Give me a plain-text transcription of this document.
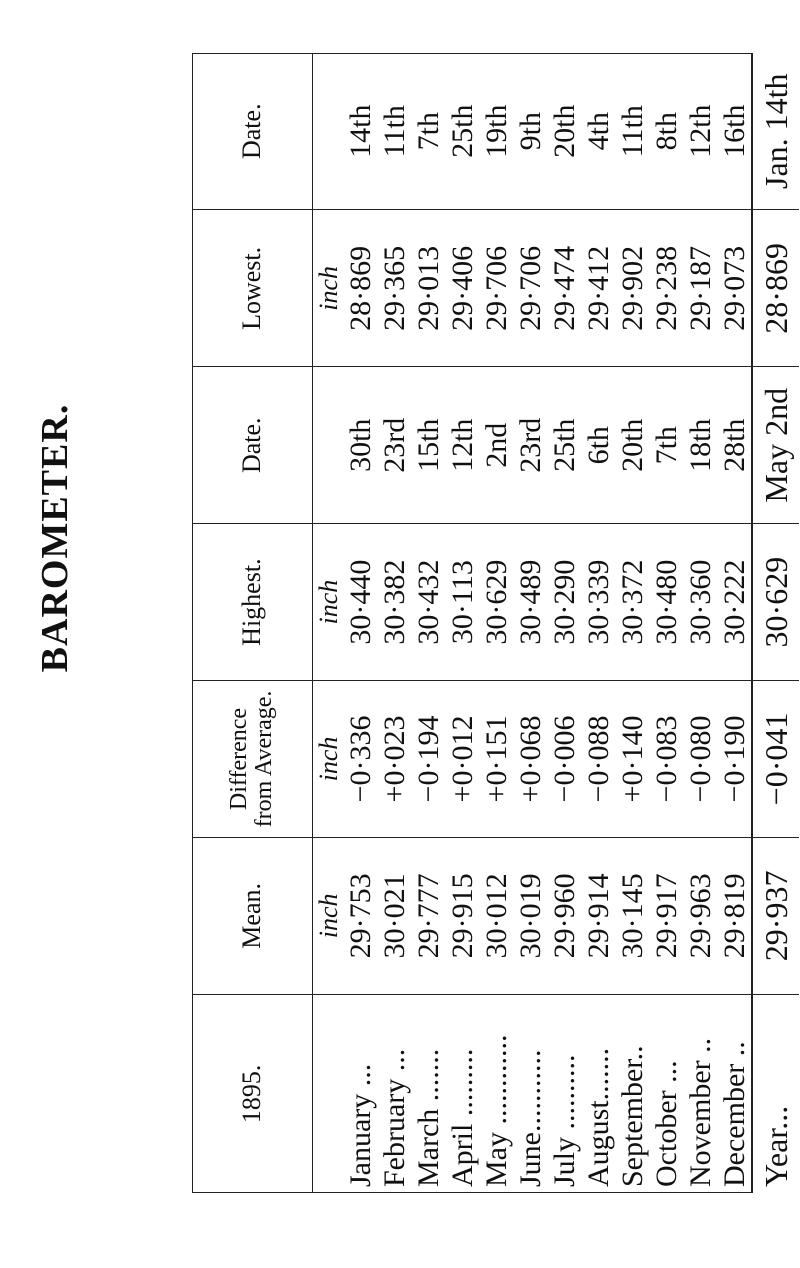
BAROMETER.
1895.	Mean.	Difference from Average.	Highest.	Date.	Lowest.	Date.
	inch	inch	inch		inch	
January ...	29·753	−0·336	30·440	30th	28·869	14th
February ...	30·021	+0·023	30·382	23rd	29·365	11th
March .......	29·777	−0·194	30·432	15th	29·013	7th
April .........	29·915	+0·012	30·113	12th	29·406	25th
May ............	30·012	+0·151	30·629	2nd	29·706	19th
June...........	30·019	+0·068	30·489	23rd	29·706	9th
July ..........	29·960	−0·006	30·290	25th	29·474	20th
August.......	29·914	−0·088	30·339	6th	29·412	4th
September..	30·145	+0·140	30·372	20th	29·902	11th
October ...	29·917	−0·083	30·480	7th	29·238	8th
November ..	29·963	−0·080	30·360	18th	29·187	12th
December ..	29·819	−0·190	30·222	28th	29·073	16th
Year...	29·937	−0·041	30·629	May 2nd	28·869	Jan. 14th
